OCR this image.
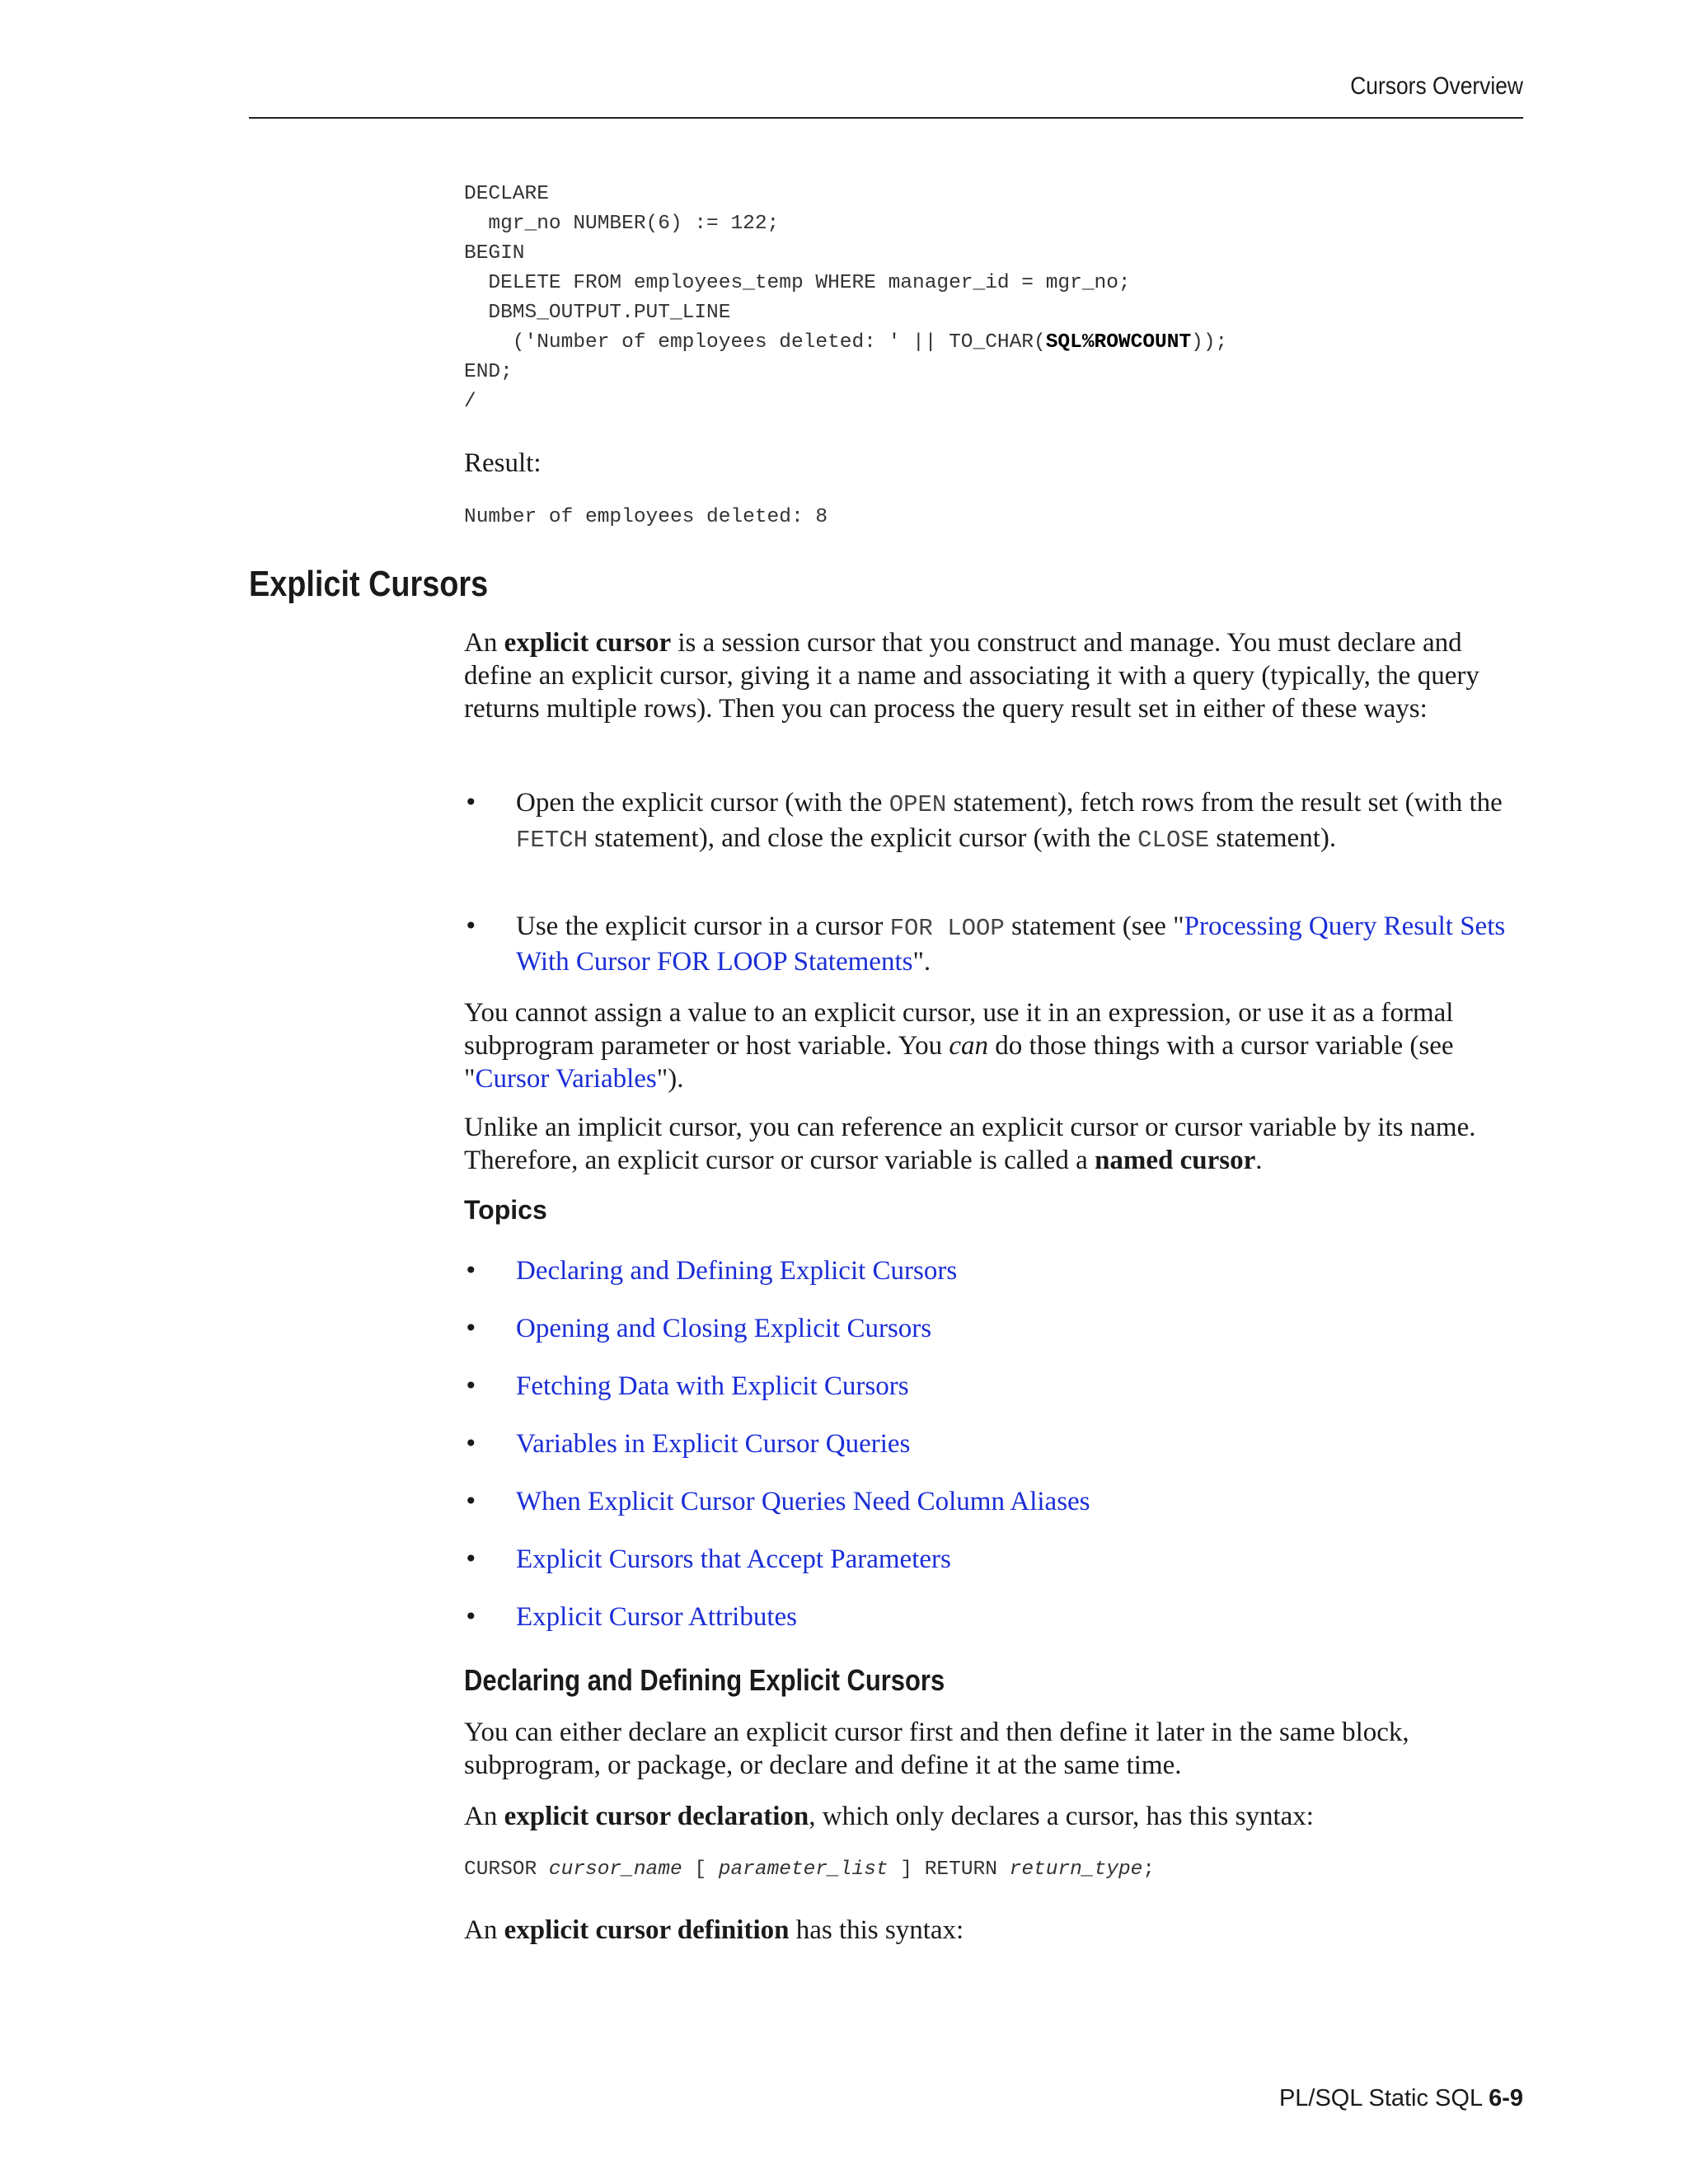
Cursors Overview
DECLARE
mgr_no NUMBER(6) := 122;
BEGIN
DELETE FROM employees_temp WHERE manager_id = mgr_no;
DBMS_OUTPUT.PUT_LINE
('Number of employees deleted: ' || TO_CHAR(SQL%ROWCOUNT));
END;
/

Result:

Number of employees deleted: 8
Explicit Cursors

An explicit cursor is a session cursor that you construct and manage. You must declare and define an explicit cursor, giving it a name and associating it with a query (typically, the query returns multiple rows). Then you can process the query result set in either of these ways:

•	Open the explicit cursor (with the OPEN statement), fetch rows from the result set (with the FETCH statement), and close the explicit cursor (with the CLOSE statement).
•	Use the explicit cursor in a cursor FOR LOOP statement (see "Processing Query Result Sets With Cursor FOR LOOP Statements".

You cannot assign a value to an explicit cursor, use it in an expression, or use it as a formal subprogram parameter or host variable. You can do those things with a cursor variable (see "Cursor Variables").

Unlike an implicit cursor, you can reference an explicit cursor or cursor variable by its name. Therefore, an explicit cursor or cursor variable is called a named cursor.

Topics
•	Declaring and Defining Explicit Cursors
•	Opening and Closing Explicit Cursors
•	Fetching Data with Explicit Cursors
•	Variables in Explicit Cursor Queries
•	When Explicit Cursor Queries Need Column Aliases
•	Explicit Cursors that Accept Parameters
•	Explicit Cursor Attributes
Declaring and Defining Explicit Cursors

You can either declare an explicit cursor first and then define it later in the same block, subprogram, or package, or declare and define it at the same time.

An explicit cursor declaration, which only declares a cursor, has this syntax:

CURSOR cursor_name [ parameter_list ] RETURN return_type;

An explicit cursor definition has this syntax:

PL/SQL Static SQL 6-9
